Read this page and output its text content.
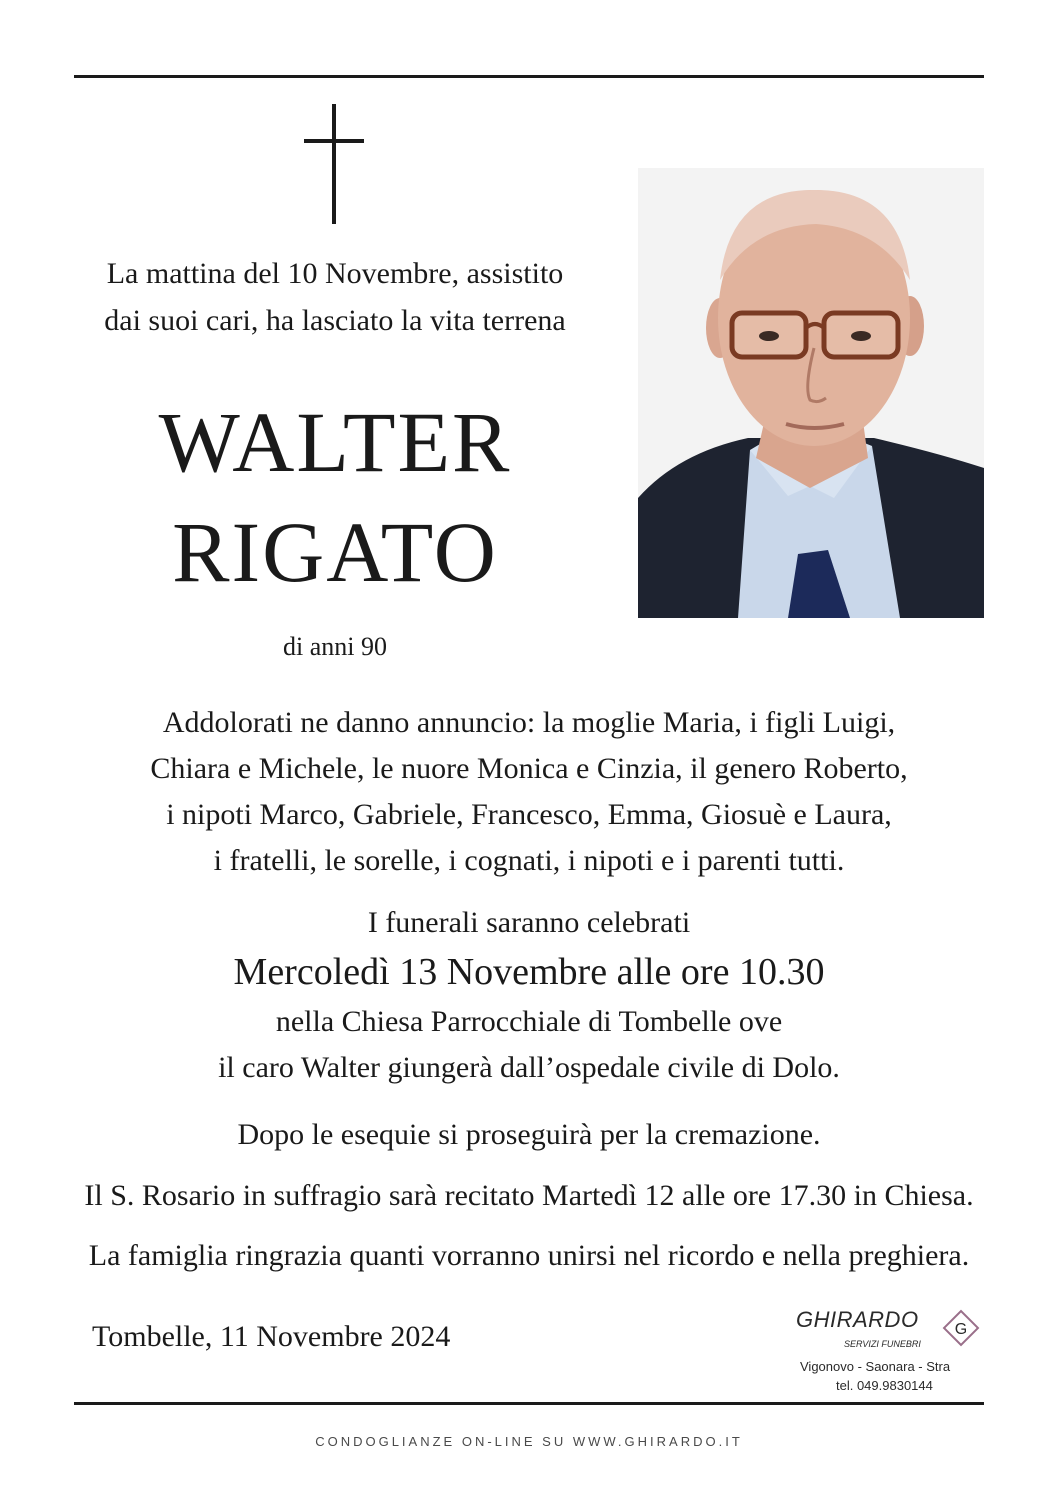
La mattina del 10 Novembre, assistito
dai suoi cari, ha lasciato la vita terrena
WALTER
RIGATO
di anni 90
Addolorati ne danno annuncio: la moglie Maria, i figli Luigi,
Chiara e Michele, le nuore Monica e Cinzia, il genero Roberto,
i nipoti Marco, Gabriele, Francesco, Emma, Giosuè e Laura,
i fratelli, le sorelle, i cognati, i nipoti e i parenti tutti.
I funerali saranno celebrati
Mercoledì 13 Novembre alle ore 10.30
nella Chiesa Parrocchiale di Tombelle ove
il caro Walter giungerà dall’ospedale civile di Dolo.
Dopo le esequie si proseguirà per la cremazione.
Il S. Rosario in suffragio sarà recitato Martedì 12 alle ore 17.30 in Chiesa.
La famiglia ringrazia quanti vorranno unirsi nel ricordo e nella preghiera.
Tombelle, 11 Novembre 2024
GHIRARDO
SERVIZI FUNEBRI
G
Vigonovo - Saonara - Stra
tel. 049.9830144
CONDOGLIANZE ON-LINE SU WWW.GHIRARDO.IT
